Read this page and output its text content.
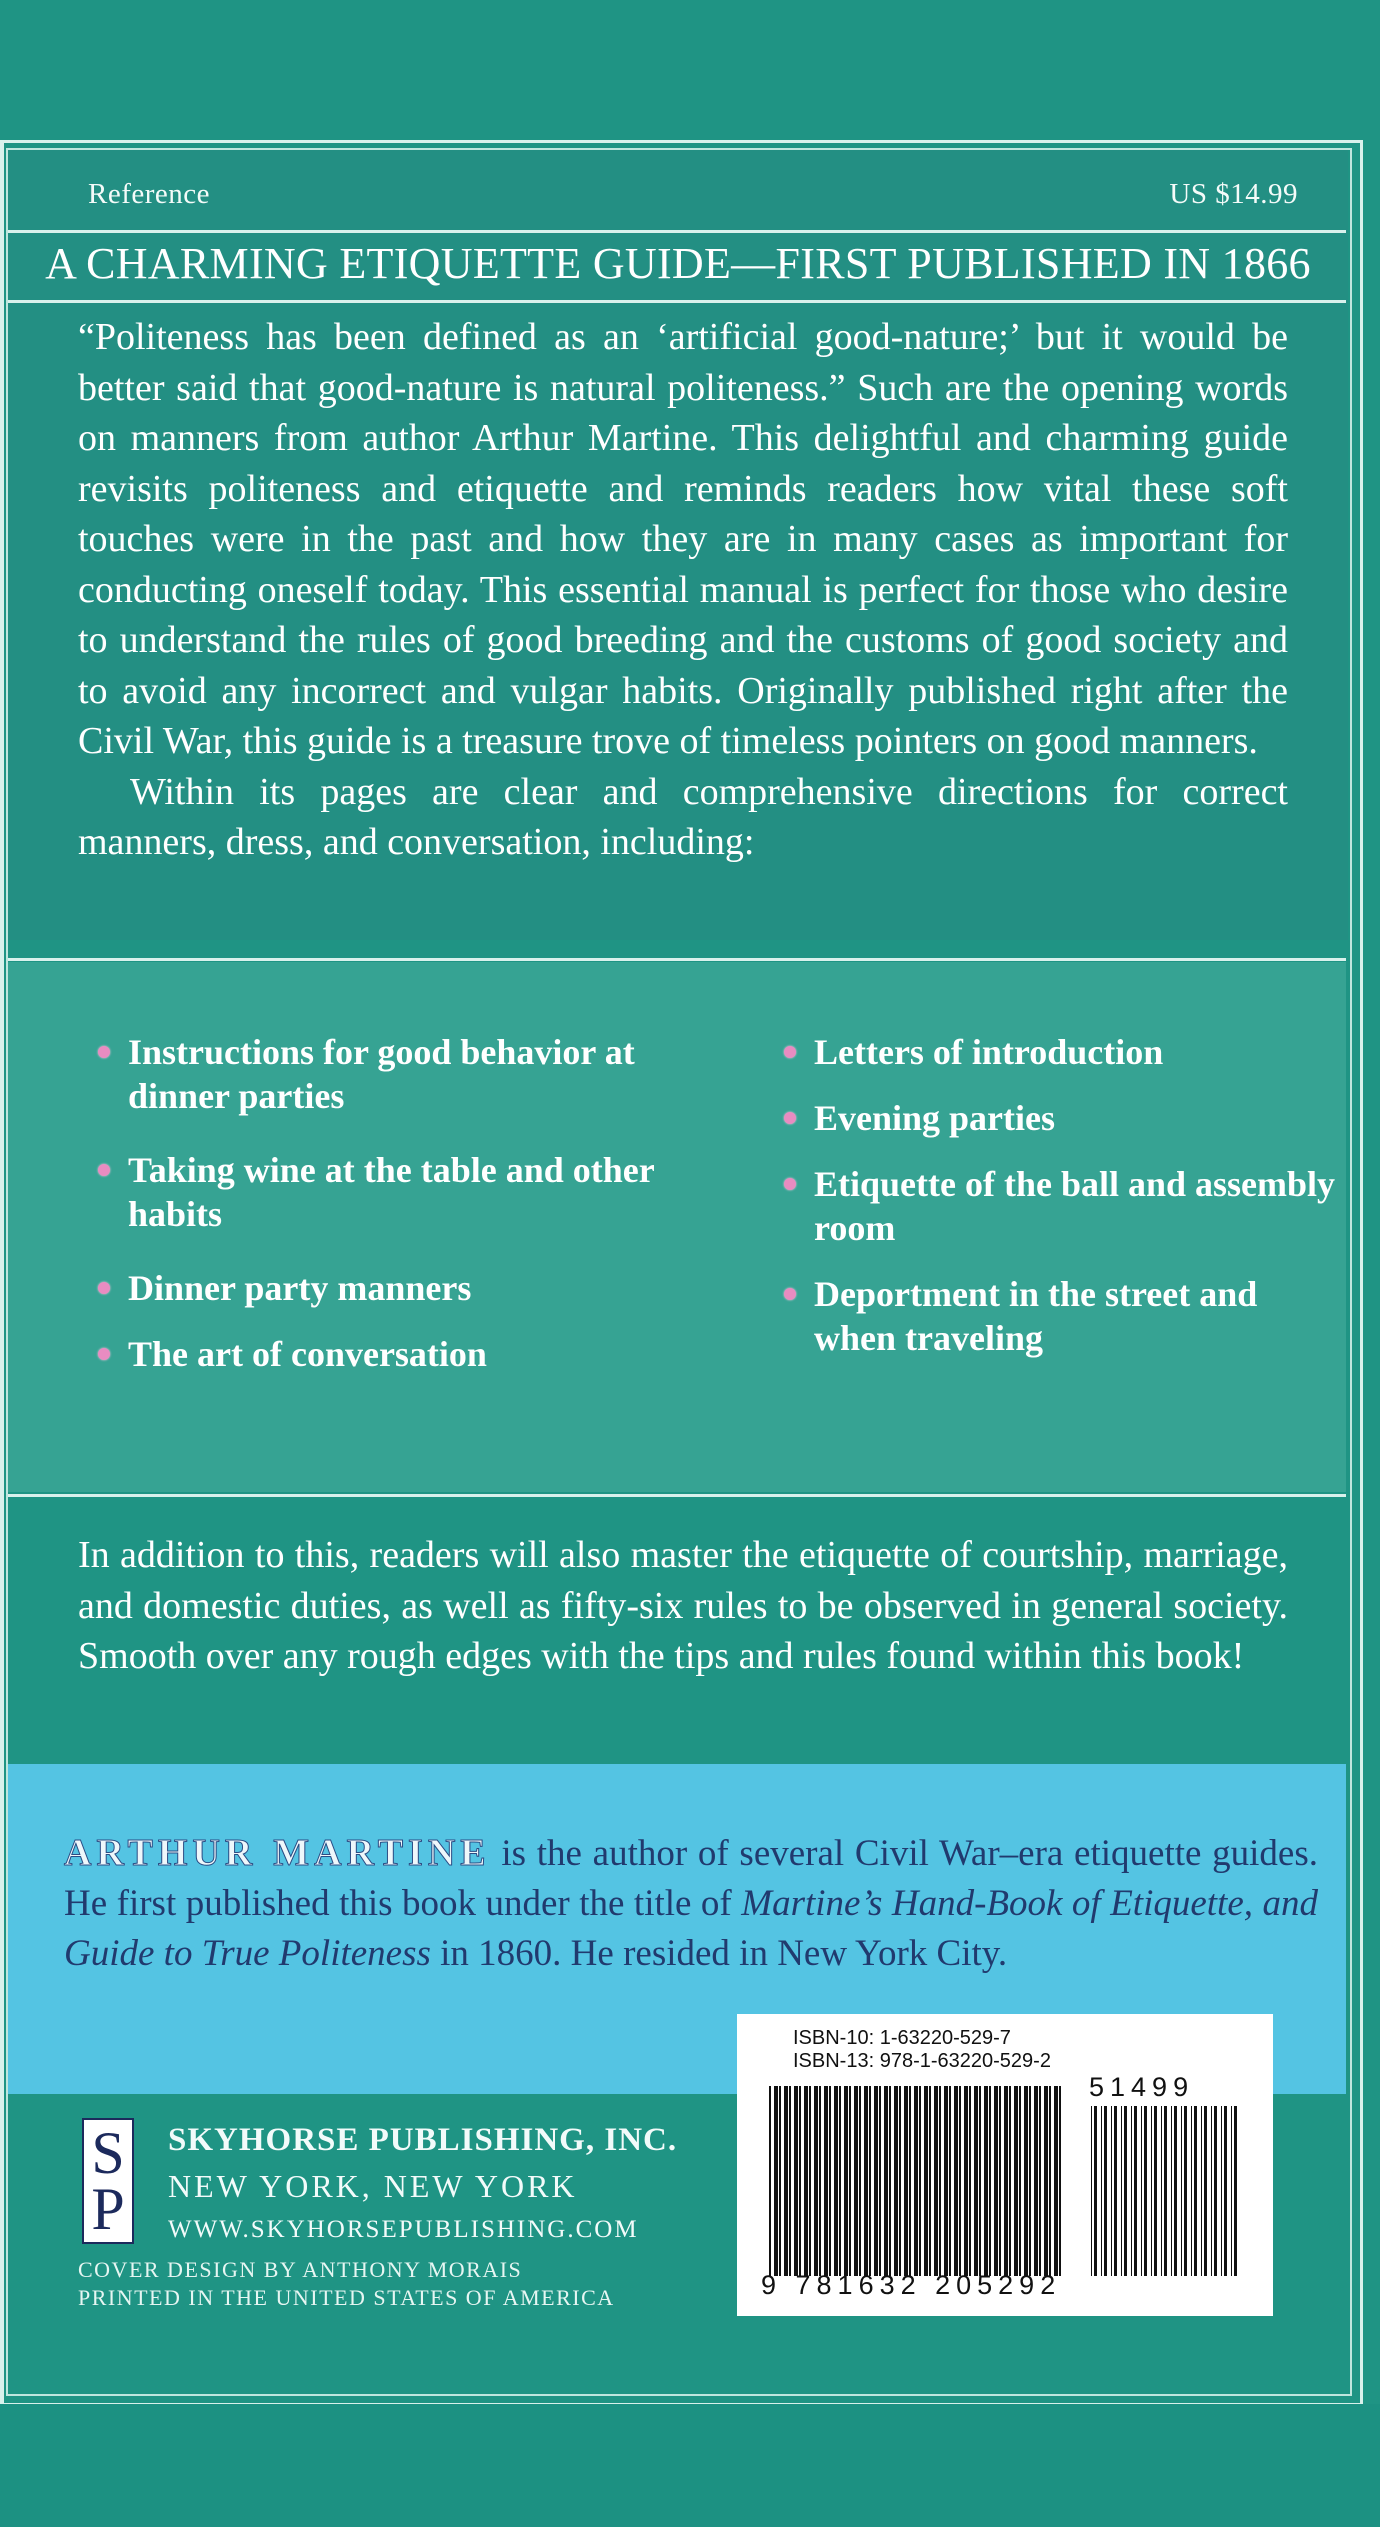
Reference	US $14.99
A CHARMING ETIQUETTE GUIDE—FIRST PUBLISHED IN 1866

“Politeness has been defined as an ‘artificial good-nature;’ but it would be better said that good-nature is natural politeness.” Such are the opening words on manners from author Arthur Martine. This delightful and charming guide revisits politeness and etiquette and reminds readers how vital these soft touches were in the past and how they are in many cases as important for conducting oneself today. This essential manual is perfect for those who desire to understand the rules of good breeding and the customs of good society and to avoid any incorrect and vulgar habits. Originally published right after the Civil War, this guide is a treasure trove of timeless pointers on good manners.

Within its pages are clear and comprehensive directions for correct manners, dress, and conversation, including:

Instructions for good behavior at dinner parties
Taking wine at the table and other habits
Dinner party manners
The art of conversation
Letters of introduction
Evening parties
Etiquette of the ball and assembly room
Deportment in the street and when traveling

In addition to this, readers will also master the etiquette of courtship, marriage, and domestic duties, as well as fifty-six rules to be observed in general society. Smooth over any rough edges with the tips and rules found within this book!

ARTHUR MARTINE is the author of several Civil War–era etiquette guides. He first published this book under the title of Martine’s Hand-Book of Etiquette, and Guide to True Politeness in 1860. He resided in New York City.

S
P
SKYHORSE PUBLISHING, INC.
NEW YORK, NEW YORK
WWW.SKYHORSEPUBLISHING.COM
COVER DESIGN BY ANTHONY MORAIS
PRINTED IN THE UNITED STATES OF AMERICA
ISBN-10: 1-63220-529-7
ISBN-13: 978-1-63220-529-2
51499
9 781632 205292
